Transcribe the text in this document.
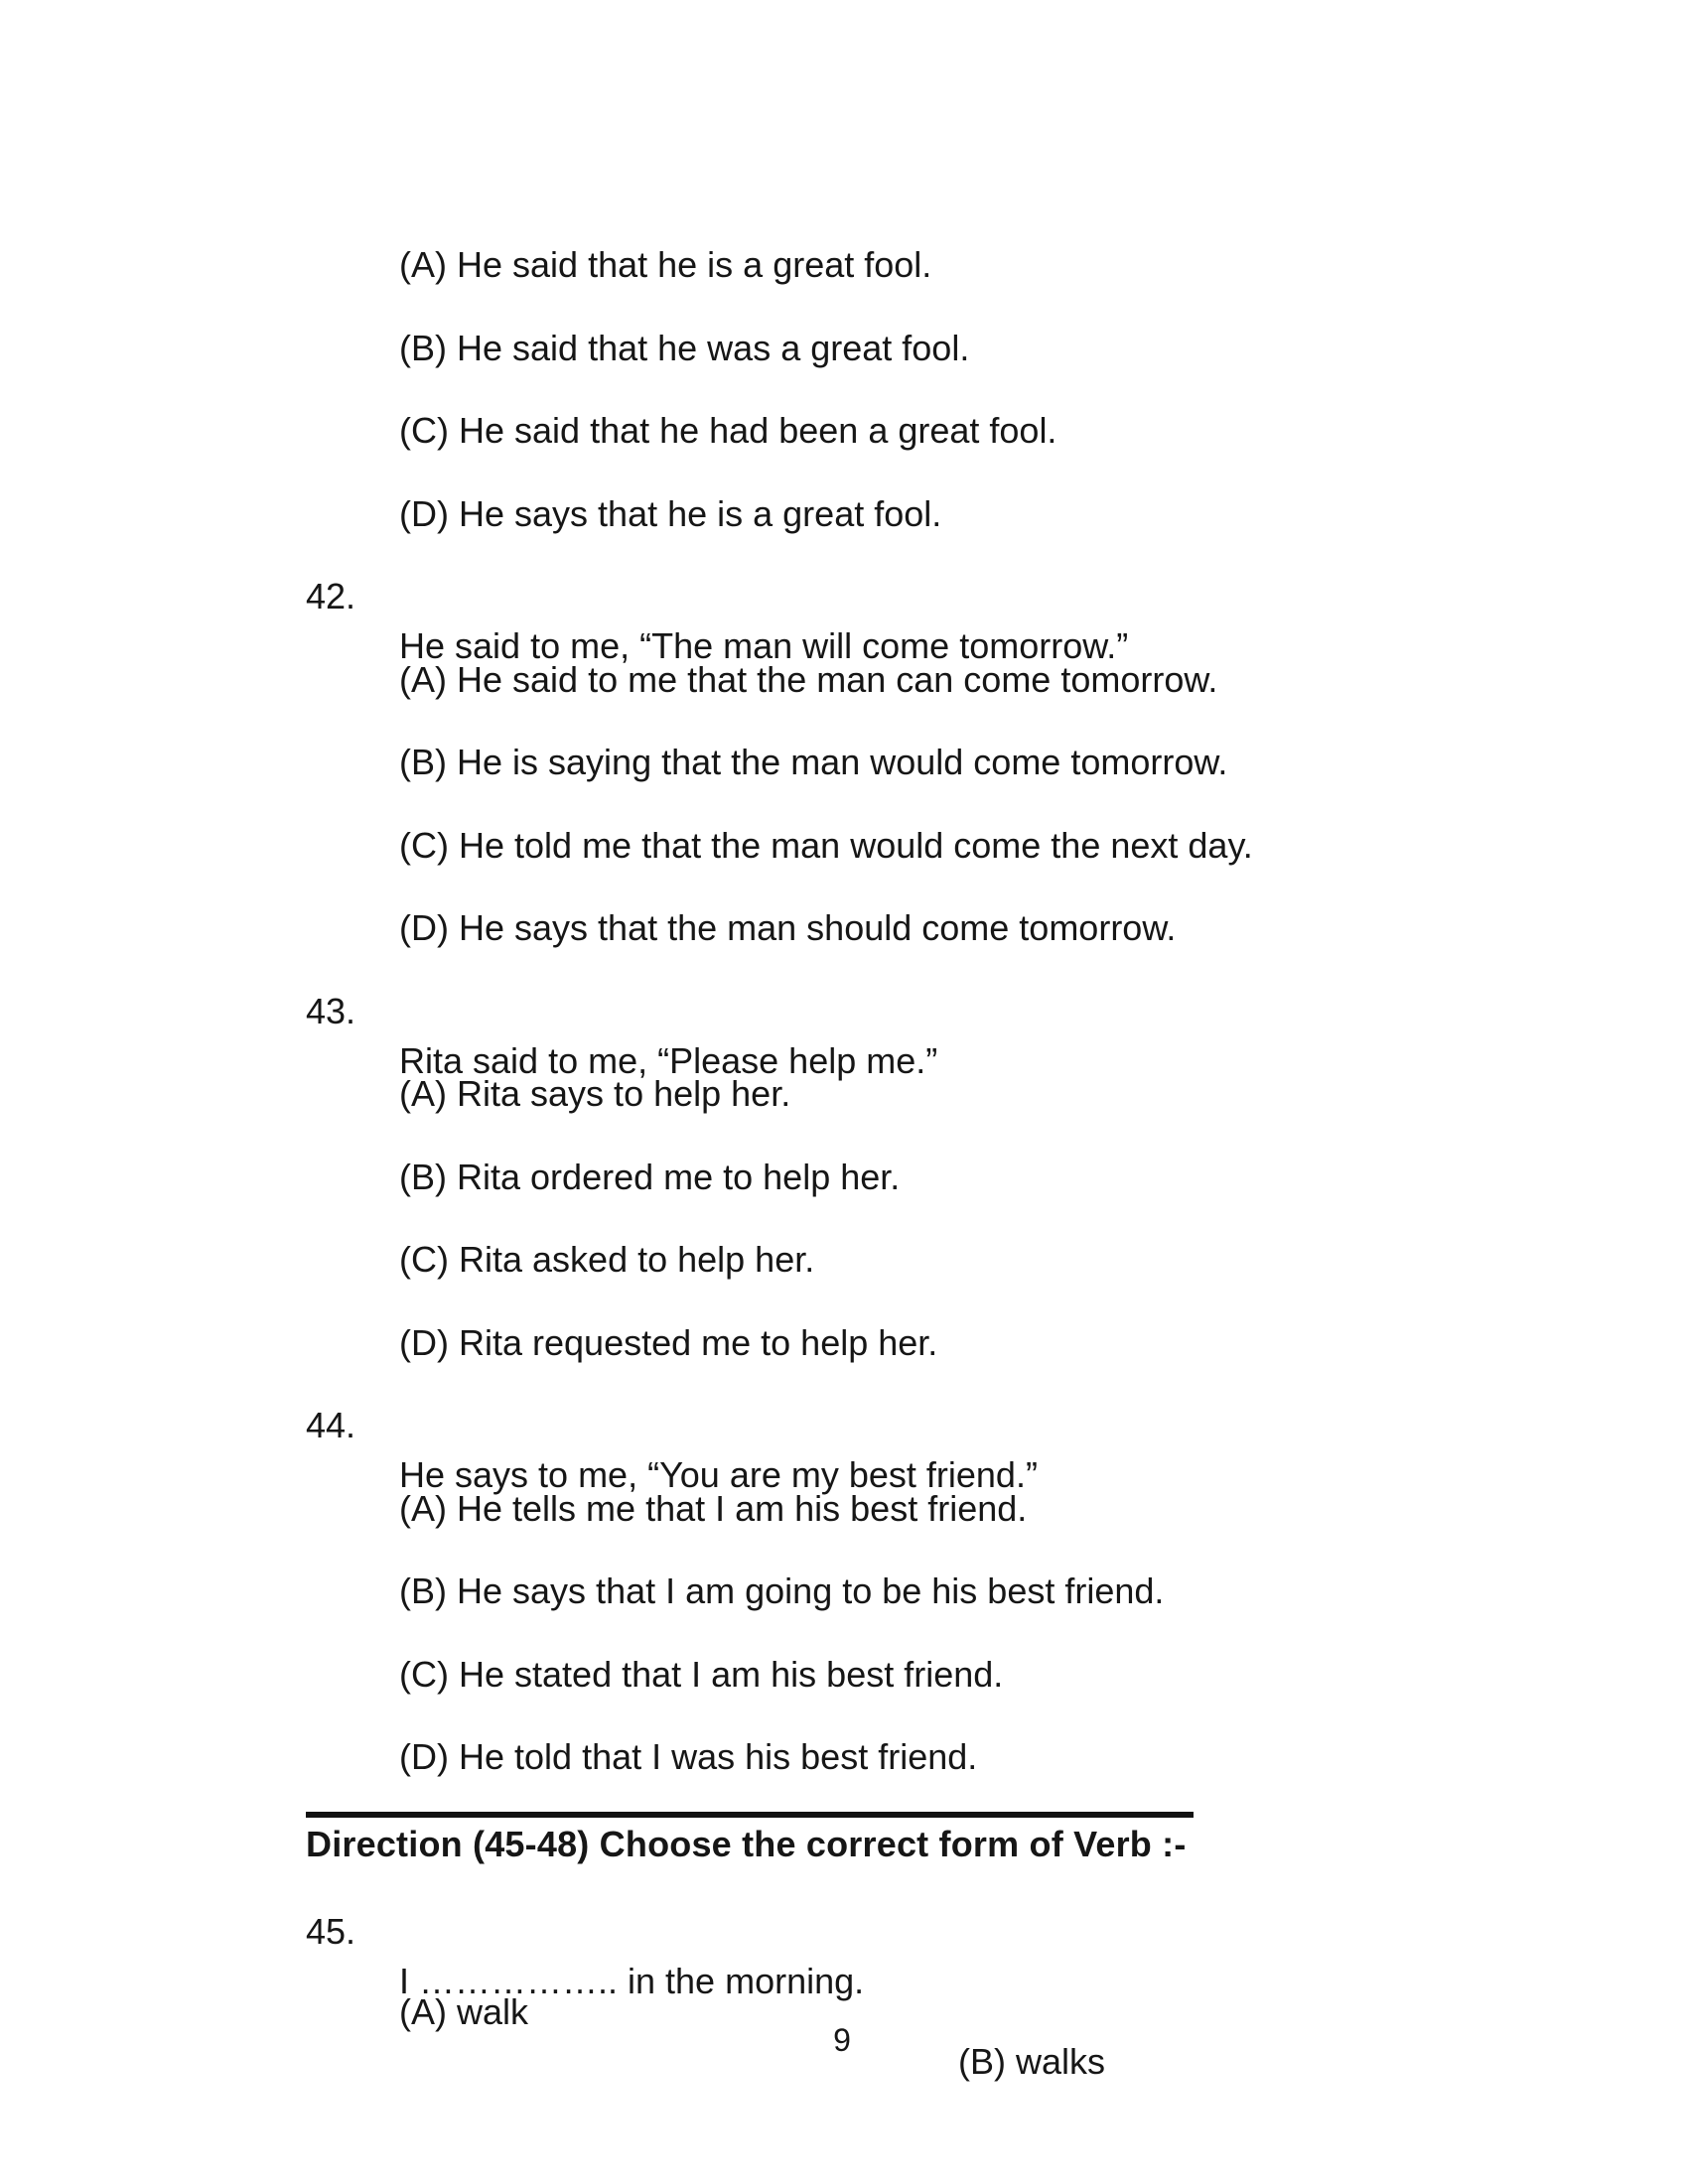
(A) He said that he is a great fool.

(B) He said that he was a great fool.

(C) He said that he had been a great fool.

(D) He says that he is a great fool.

42.

He said to me, “The man will come tomorrow.”

(A) He said to me that the man can come tomorrow.

(B) He is saying that the man would come tomorrow.

(C) He told me that the man would come the next day.

(D) He says that the man should come tomorrow.

43.

Rita said to me, “Please help me.”

(A) Rita says to help her.

(B) Rita ordered me to help her.

(C) Rita asked to help her.

(D) Rita requested me to help her.

44.

He says to me, “You are my best friend.”

(A) He tells me that I am his best friend.

(B) He says that I am going to be his best friend.

(C) He stated that I am his best friend.

(D) He told that I was his best friend.

Direction (45-48) Choose the correct form of Verb :-

45.

I …………….. in the morning.

(A) walk

(B) walks

9
